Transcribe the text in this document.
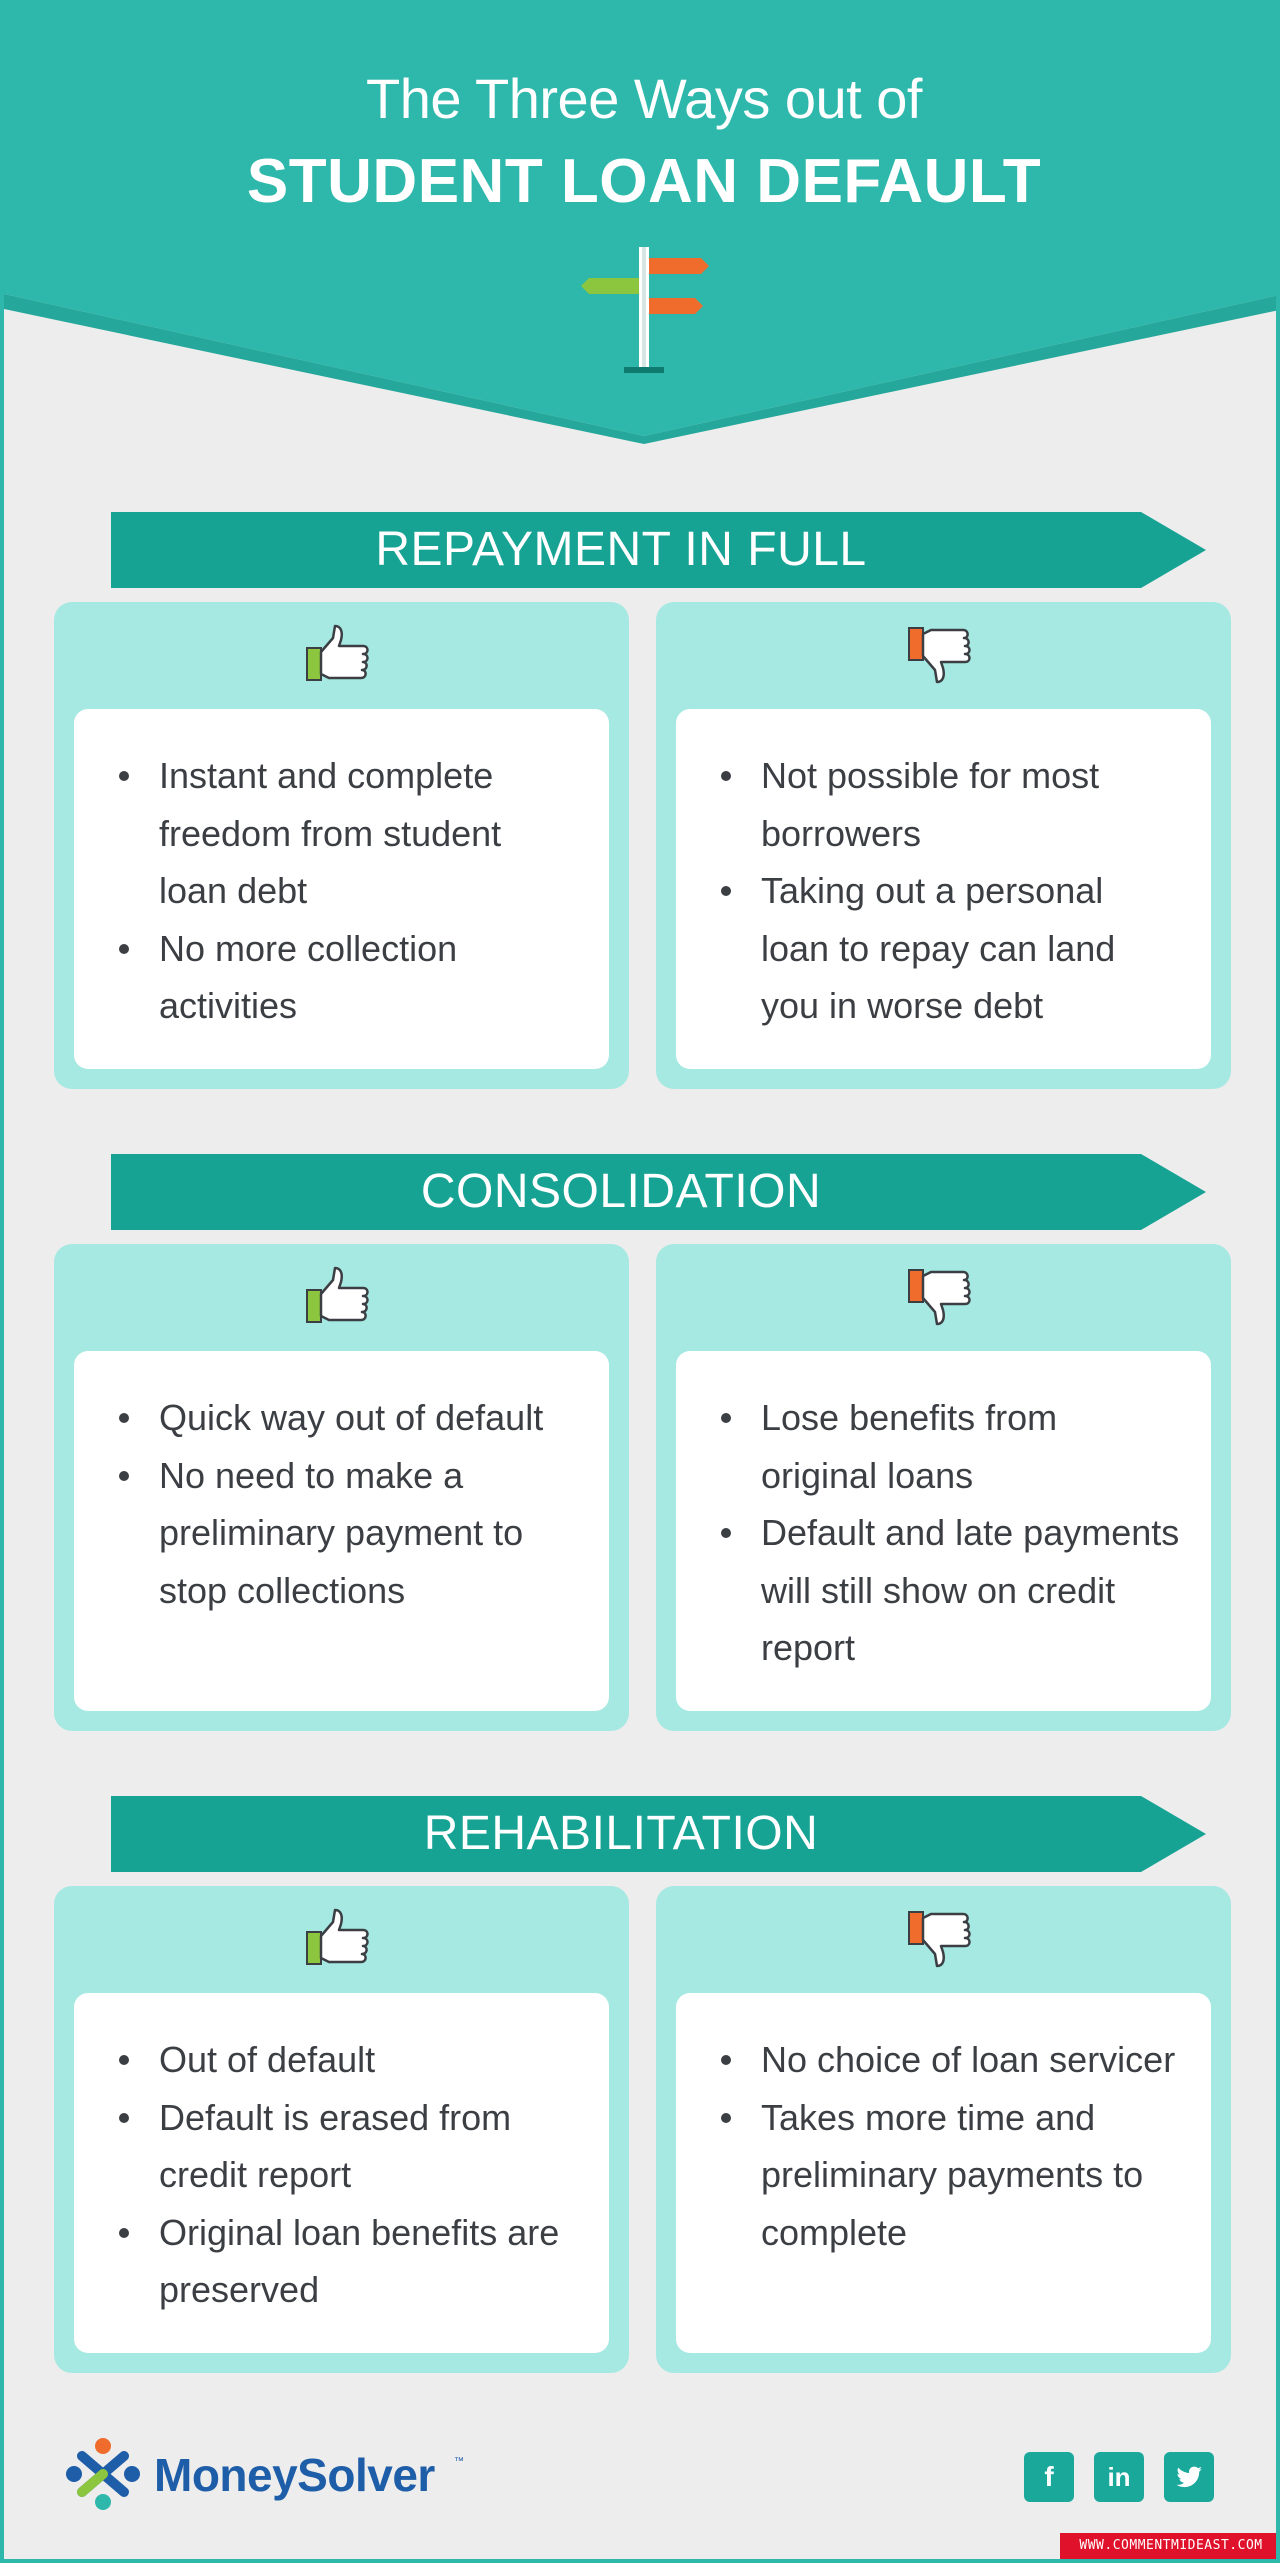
The Three Ways out of
STUDENT LOAN DEFAULT
REPAYMENT IN FULL
Instant and complete freedom from student loan debt
No more collection activities
Not possible for most borrowers
Taking out a personal loan to repay can land you in worse debt
CONSOLIDATION
Quick way out of default
No need to make a preliminary payment to stop collections
Lose benefits from original loans
Default and late payments will still show on credit report
REHABILITATION
Out of default
Default is erased from credit report
Original loan benefits are preserved
No choice of loan servicer
Takes more time and preliminary payments to complete
MoneySolver ™	f	in
WWW.COMMENTMIDEAST.COM
